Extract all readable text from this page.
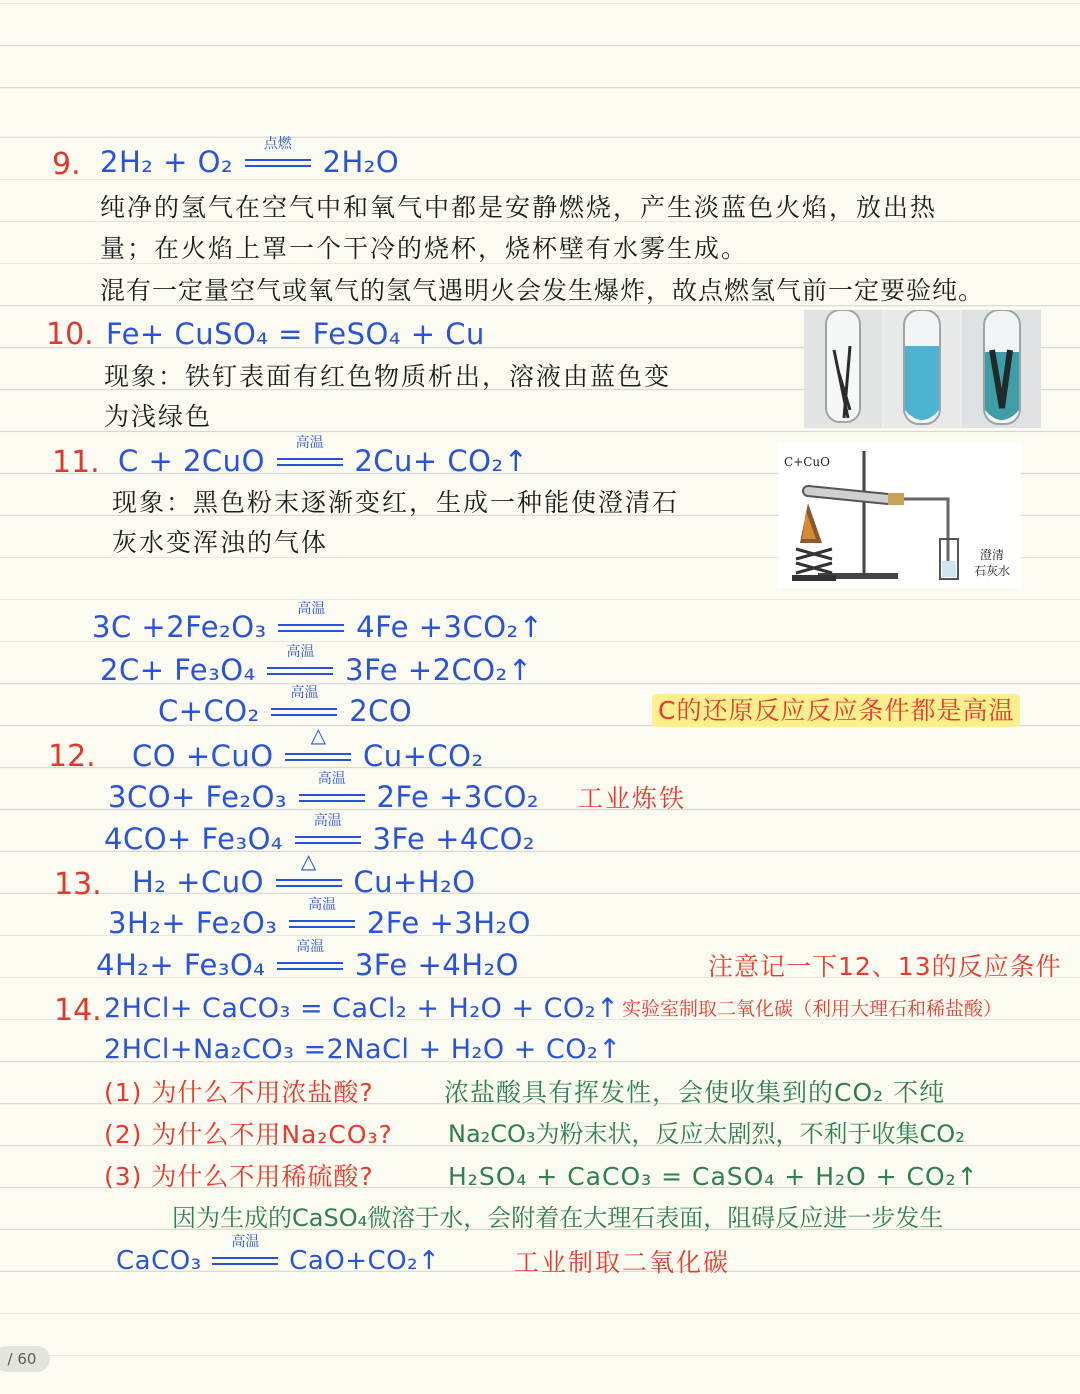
9. 2H₂ + O₂
点燃
2H₂O
纯净的氢气在空气中和氧气中都是安静燃烧，产生淡蓝色火焰，放出热
量；在火焰上罩一个干冷的烧杯，烧杯壁有水雾生成。
混有一定量空气或氧气的氢气遇明火会发生爆炸，故点燃氢气前一定要验纯。
10. Fe+ CuSO₄ = FeSO₄ + Cu
现象：铁钉表面有红色物质析出，溶液由蓝色变
为浅绿色
11. C + 2CuO
高温
2Cu+ CO₂↑
现象：黑色粉末逐渐变红，生成一种能使澄清石
灰水变浑浊的气体
C+CuO
澄清
石灰水
3C +2Fe₂O₃
高温
4Fe +3CO₂↑
2C+ Fe₃O₄
高温
3Fe +2CO₂↑
C+CO₂
高温
2CO	C的还原反应反应条件都是高温
12. CO +CuO
△
Cu+CO₂
3CO+ Fe₂O₃
高温
2Fe +3CO₂
4CO+ Fe₃O₄
高温
3Fe +4CO₂
工业炼铁
13. H₂ +CuO
△
Cu+H₂O
3H₂+ Fe₂O₃
高温
2Fe +3H₂O
4H₂+ Fe₃O₄
高温
3Fe +4H₂O	注意记一下12、13的反应条件
14. 2HCl+ CaCO₃ = CaCl₂ + H₂O + CO₂↑ 实验室制取二氧化碳（利用大理石和稀盐酸）
2HCl+Na₂CO₃ =2NaCl + H₂O + CO₂↑
(1) 为什么不用浓盐酸?	浓盐酸具有挥发性，会使收集到的CO₂ 不纯
(2) 为什么不用Na₂CO₃? Na₂CO₃为粉末状，反应太剧烈，不利于收集CO₂
(3) 为什么不用稀硫酸?	H₂SO₄ + CaCO₃ = CaSO₄ + H₂O + CO₂↑
因为生成的CaSO₄微溶于水，会附着在大理石表面，阻碍反应进一步发生
CaCO₃
高温
CaO+CO₂↑	工业制取二氧化碳
/ 60
